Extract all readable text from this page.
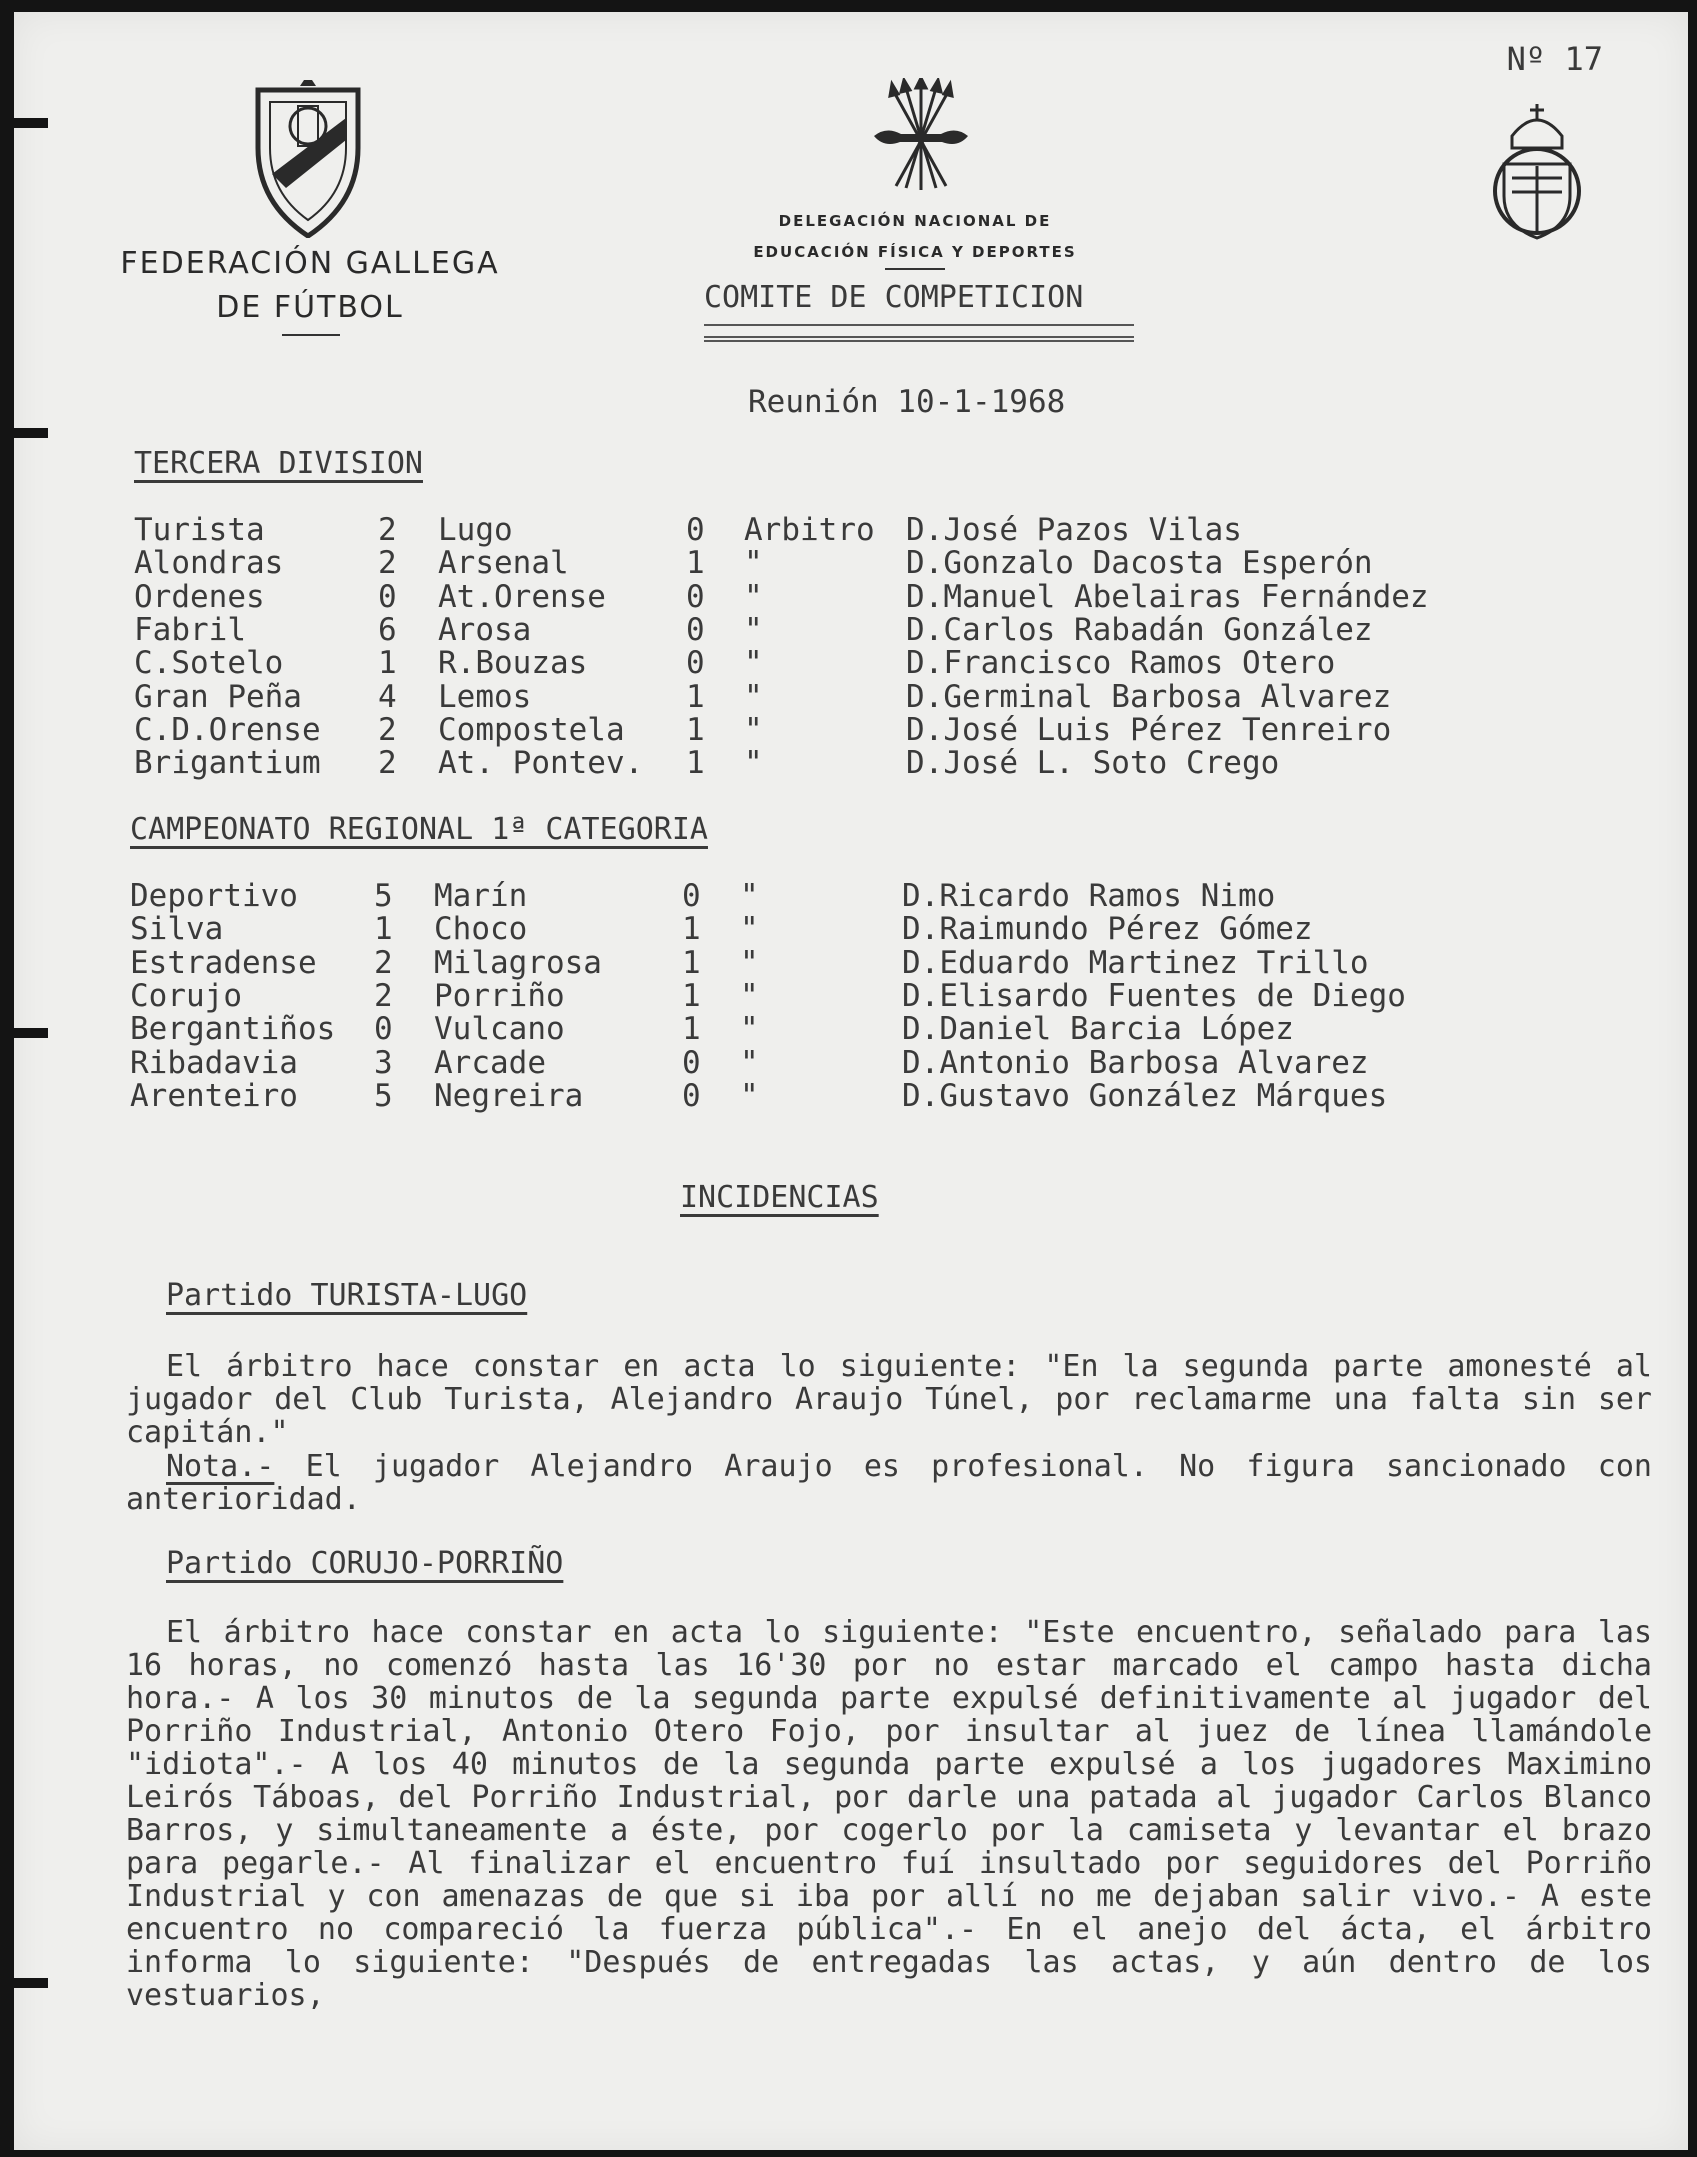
Nº 17
FEDERACIÓN GALLEGA
DE FÚTBOL
DELEGACIÓN NACIONAL DE
EDUCACIÓN FÍSICA Y DEPORTES
COMITE DE COMPETICION
Reunión 10-1-1968
TERCERA DIVISION
Turista	2 Lugo	0 Arbitro D.José Pazos Vilas
Alondras	2 Arsenal	1 "	D.Gonzalo Dacosta Esperón
Ordenes	0 At.Orense	0 "	D.Manuel Abelairas Fernández
Fabril	6 Arosa	0 "	D.Carlos Rabadán González
C.Sotelo	1 R.Bouzas	0 "	D.Francisco Ramos Otero
Gran Peña 4 Lemos	1 "	D.Germinal Barbosa Alvarez
C.D.Orense 2 Compostela 1 "	D.José Luis Pérez Tenreiro
Brigantium 2 At. Pontev. 1 "	D.José L. Soto Crego
CAMPEONATO REGIONAL 1ª CATEGORIA
Deportivo 5 Marín	0 "	D.Ricardo Ramos Nimo
Silva	1 Choco	1 "	D.Raimundo Pérez Gómez
Estradense 2 Milagrosa	1 "	D.Eduardo Martinez Trillo
Corujo	2 Porriño	1 "	D.Elisardo Fuentes de Diego
Bergantiños 0 Vulcano	1 "	D.Daniel Barcia López
Ribadavia 3 Arcade	0 "	D.Antonio Barbosa Alvarez
Arenteiro 5 Negreira	0 "	D.Gustavo González Márques
INCIDENCIAS
Partido TURISTA-LUGO

El árbitro hace constar en acta lo siguiente: "En la segunda parte amonesté al jugador del Club Turista, Alejandro Araujo Túnel, por reclamarme una falta sin ser capitán."

Nota.- El jugador Alejandro Araujo es profesional. No figura sancionado con anterioridad.

Partido CORUJO-PORRIÑO

El árbitro hace constar en acta lo siguiente: "Este encuentro, señalado para las 16 horas, no comenzó hasta las 16'30 por no estar marcado el campo hasta dicha hora.- A los 30 minutos de la segunda parte expulsé definitivamente al jugador del Porriño Industrial, Antonio Otero Fojo, por insultar al juez de línea llamándole "idiota".- A los 40 minutos de la segunda parte expulsé a los jugadores Maximino Leirós Táboas, del Porriño Industrial, por darle una patada al jugador Carlos Blanco Barros, y simultaneamente a éste, por cogerlo por la camiseta y levantar el brazo para pegarle.- Al finalizar el encuentro fuí insultado por seguidores del Porriño Industrial y con amenazas de que si iba por allí no me dejaban salir vivo.- A este encuentro no compareció la fuerza pública".- En el anejo del ácta, el árbitro informa lo siguiente: "Después de entregadas las actas, y aún dentro de los vestuarios,
